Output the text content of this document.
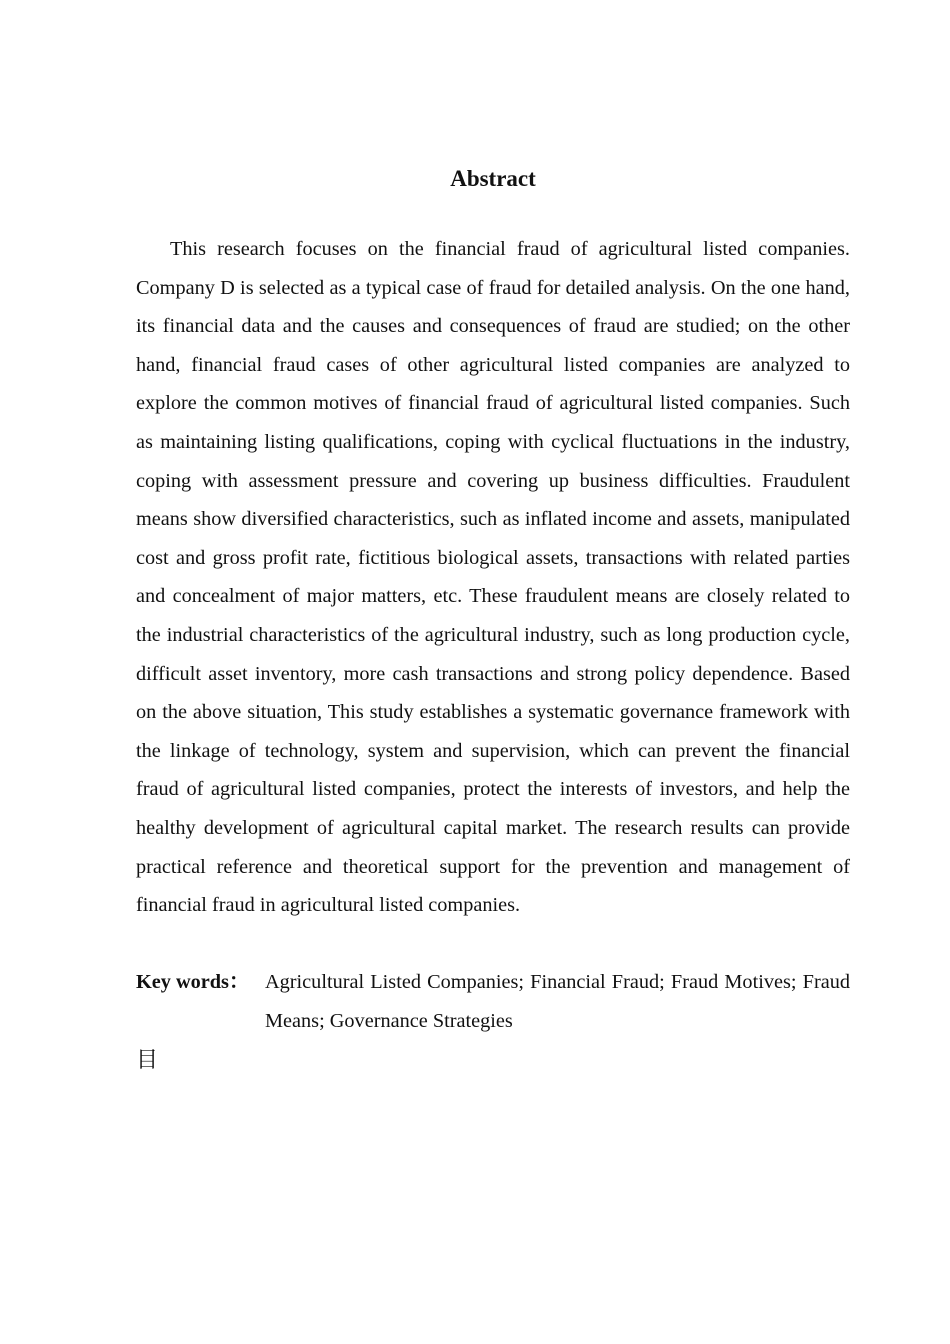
Abstract

This research focuses on the financial fraud of agricultural listed companies. Company D is selected as a typical case of fraud for detailed analysis. On the one hand, its financial data and the causes and consequences of fraud are studied; on the other hand, financial fraud cases of other agricultural listed companies are analyzed to explore the common motives of financial fraud of agricultural listed companies. Such as maintaining listing qualifications, coping with cyclical fluctuations in the industry, coping with assessment pressure and covering up business difficulties. Fraudulent means show diversified characteristics, such as inflated income and assets, manipulated cost and gross profit rate, fictitious biological assets, transactions with related parties and concealment of major matters, etc. These fraudulent means are closely related to the industrial characteristics of the agricultural industry, such as long production cycle, difficult asset inventory, more cash transactions and strong policy dependence. Based on the above situation, This study establishes a systematic governance framework with the linkage of technology, system and supervision, which can prevent the financial fraud of agricultural listed companies, protect the interests of investors, and help the healthy development of agricultural capital market. The research results can provide practical reference and theoretical support for the prevention and management of financial fraud in agricultural listed companies.

Key words： Agricultural Listed Companies; Financial Fraud; Fraud Motives; Fraud Means; Governance Strategies
目
